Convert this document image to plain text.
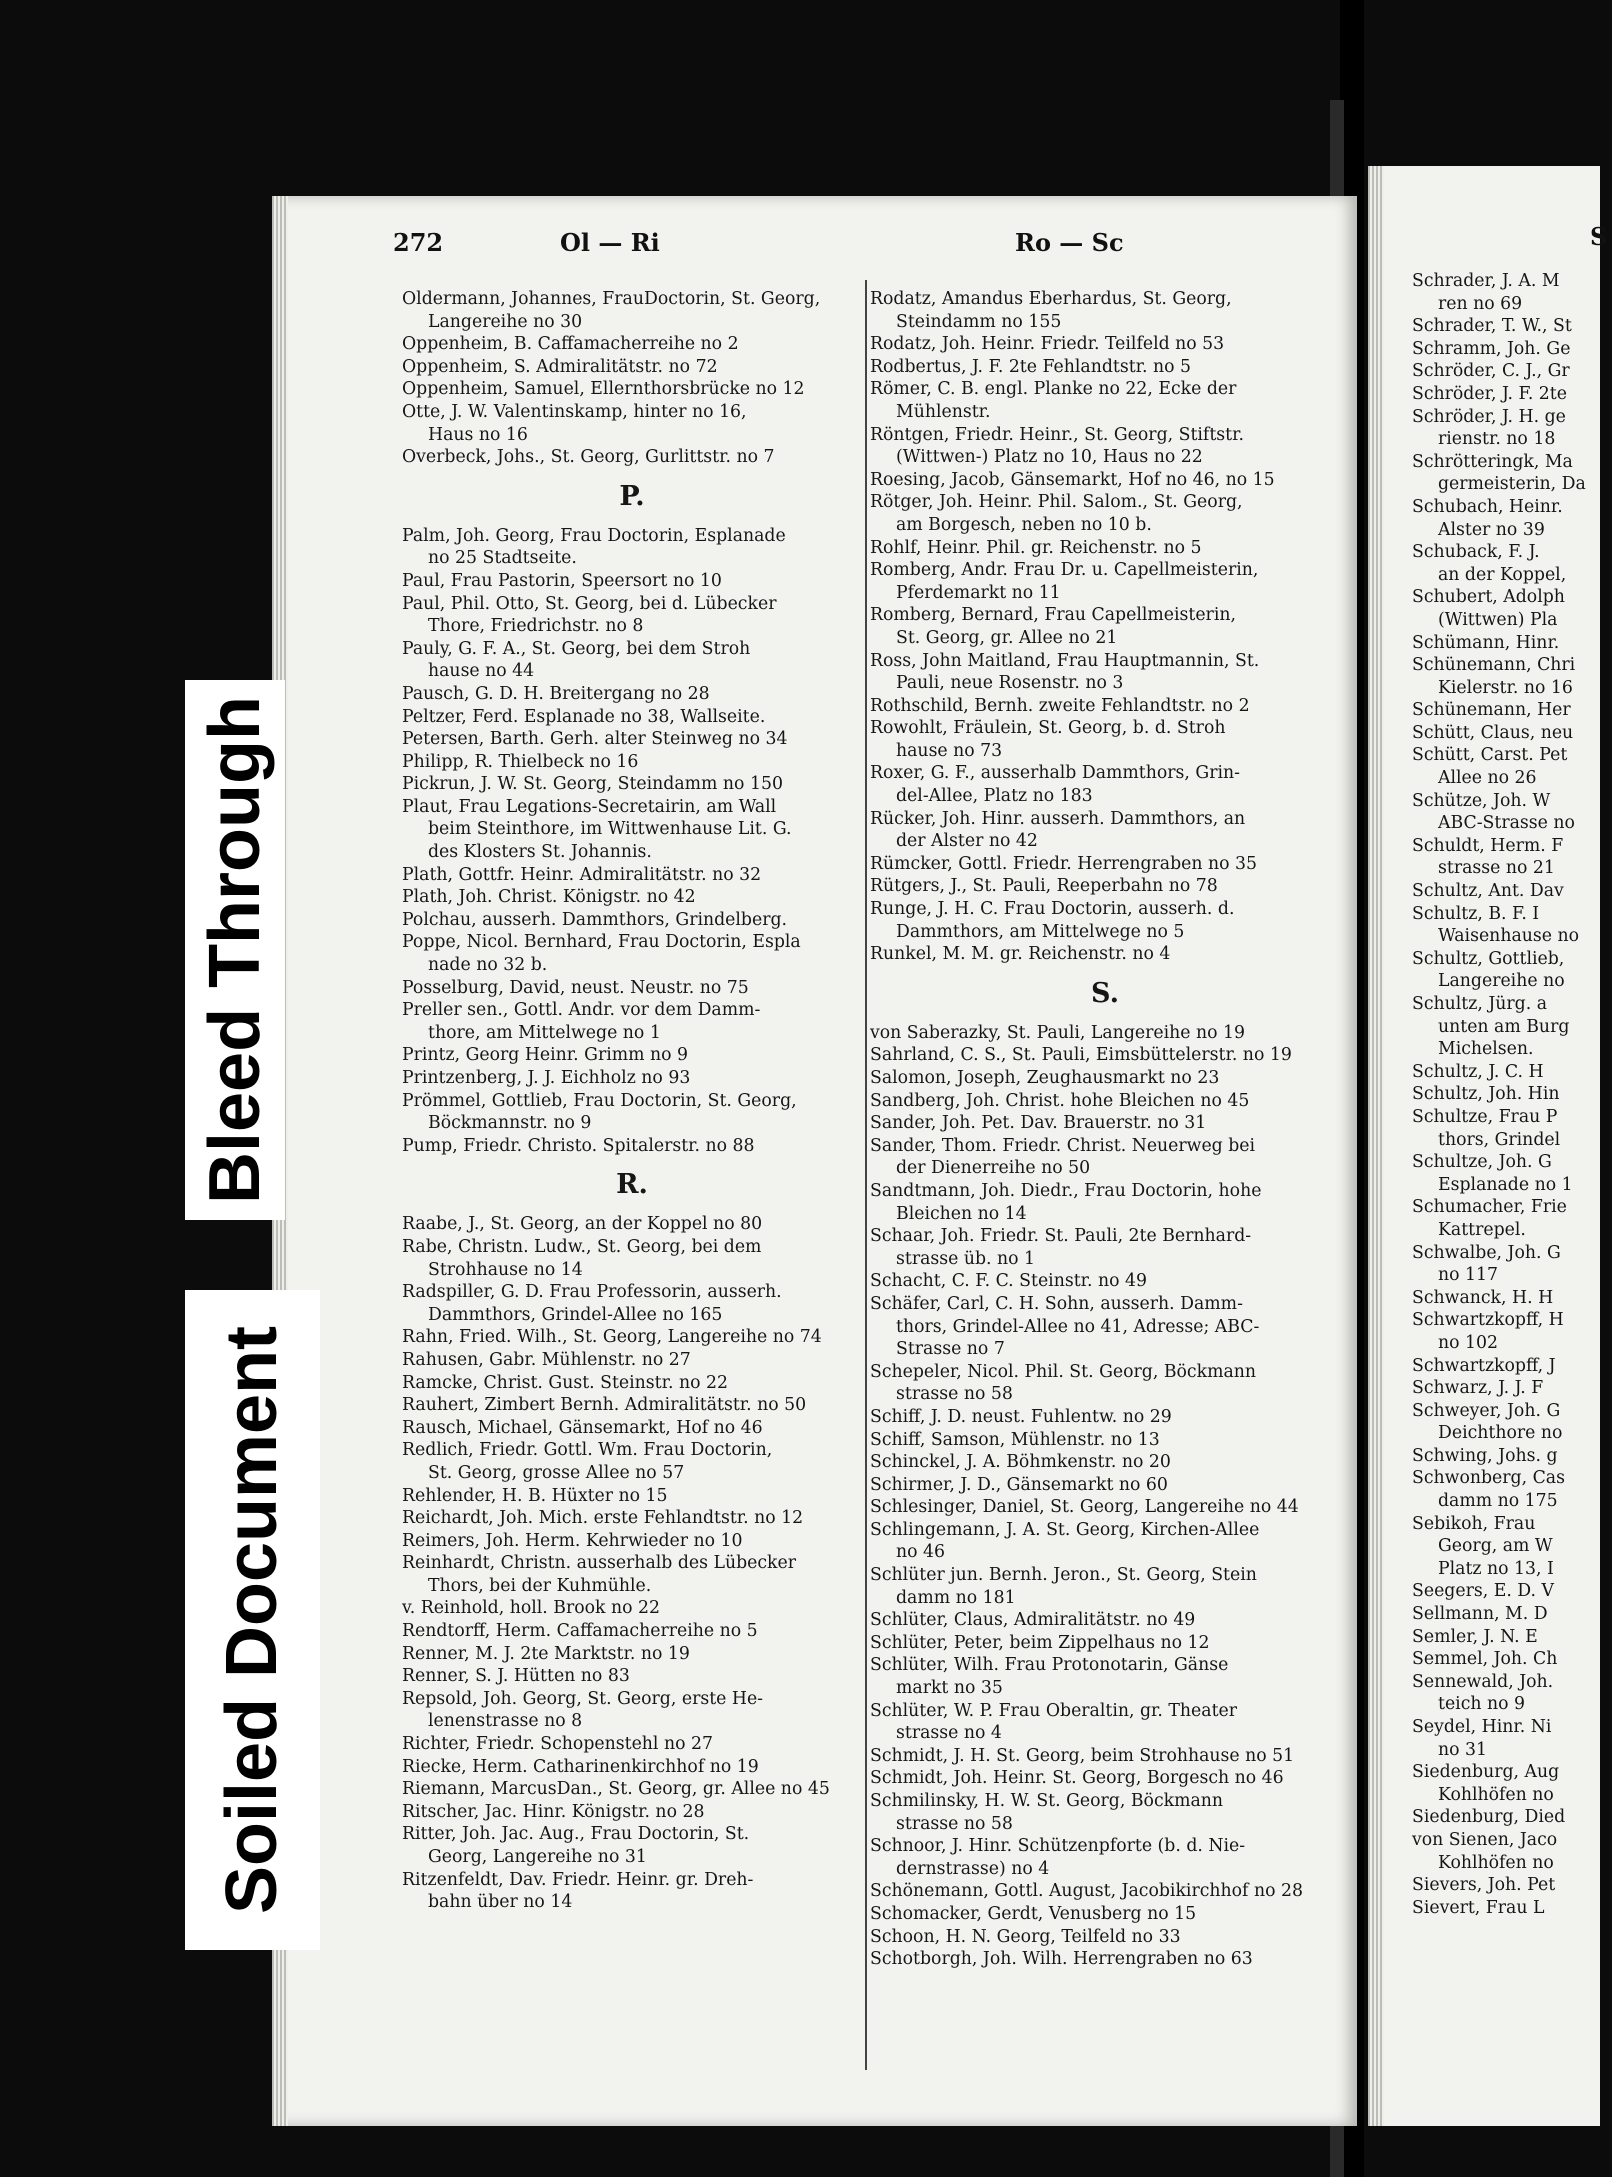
272	Ol — Ri	Ro — Sc	S
Oldermann, Johannes, FrauDoctorin, St. Georg,
Langereihe no 30
Oppenheim, B. Caffamacherreihe no 2
Oppenheim, S. Admiralitätstr. no 72
Oppenheim, Samuel, Ellernthorsbrücke no 12
Otte, J. W. Valentinskamp, hinter no 16,
Haus no 16
Overbeck, Johs., St. Georg, Gurlittstr. no 7
P.
Palm, Joh. Georg, Frau Doctorin, Esplanade
no 25 Stadtseite.
Paul, Frau Pastorin, Speersort no 10
Paul, Phil. Otto, St. Georg, bei d. Lübecker
Thore, Friedrichstr. no 8
Pauly, G. F. A., St. Georg, bei dem Stroh
hause no 44
Pausch, G. D. H. Breitergang no 28
Peltzer, Ferd. Esplanade no 38, Wallseite.
Petersen, Barth. Gerh. alter Steinweg no 34
Philipp, R. Thielbeck no 16
Pickrun, J. W. St. Georg, Steindamm no 150
Plaut, Frau Legations-Secretairin, am Wall
beim Steinthore, im Wittwenhause Lit. G.
des Klosters St. Johannis.
Plath, Gottfr. Heinr. Admiralitätstr. no 32
Plath, Joh. Christ. Königstr. no 42
Polchau, ausserh. Dammthors, Grindelberg.
Poppe, Nicol. Bernhard, Frau Doctorin, Espla
nade no 32 b.
Posselburg, David, neust. Neustr. no 75
Preller sen., Gottl. Andr. vor dem Damm-
thore, am Mittelwege no 1
Printz, Georg Heinr. Grimm no 9
Printzenberg, J. J. Eichholz no 93
Prömmel, Gottlieb, Frau Doctorin, St. Georg,
Böckmannstr. no 9
Pump, Friedr. Christo. Spitalerstr. no 88
R.
Raabe, J., St. Georg, an der Koppel no 80
Rabe, Christn. Ludw., St. Georg, bei dem
Strohhause no 14
Radspiller, G. D. Frau Professorin, ausserh.
Dammthors, Grindel-Allee no 165
Rahn, Fried. Wilh., St. Georg, Langereihe no 74
Rahusen, Gabr. Mühlenstr. no 27
Ramcke, Christ. Gust. Steinstr. no 22
Rauhert, Zimbert Bernh. Admiralitätstr. no 50
Rausch, Michael, Gänsemarkt, Hof no 46
Redlich, Friedr. Gottl. Wm. Frau Doctorin,
St. Georg, grosse Allee no 57
Rehlender, H. B. Hüxter no 15
Reichardt, Joh. Mich. erste Fehlandtstr. no 12
Reimers, Joh. Herm. Kehrwieder no 10
Reinhardt, Christn. ausserhalb des Lübecker
Thors, bei der Kuhmühle.
v. Reinhold, holl. Brook no 22
Rendtorff, Herm. Caffamacherreihe no 5
Renner, M. J. 2te Marktstr. no 19
Renner, S. J. Hütten no 83
Repsold, Joh. Georg, St. Georg, erste He-
lenenstrasse no 8
Richter, Friedr. Schopenstehl no 27
Riecke, Herm. Catharinenkirchhof no 19
Riemann, MarcusDan., St. Georg, gr. Allee no 45
Ritscher, Jac. Hinr. Königstr. no 28
Ritter, Joh. Jac. Aug., Frau Doctorin, St.
Georg, Langereihe no 31
Ritzenfeldt, Dav. Friedr. Heinr. gr. Dreh-
bahn über no 14
Rodatz, Amandus Eberhardus, St. Georg,
Steindamm no 155
Rodatz, Joh. Heinr. Friedr. Teilfeld no 53
Rodbertus, J. F. 2te Fehlandtstr. no 5
Römer, C. B. engl. Planke no 22, Ecke der
Mühlenstr.
Röntgen, Friedr. Heinr., St. Georg, Stiftstr.
(Wittwen-) Platz no 10, Haus no 22
Roesing, Jacob, Gänsemarkt, Hof no 46, no 15
Rötger, Joh. Heinr. Phil. Salom., St. Georg,
am Borgesch, neben no 10 b.
Rohlf, Heinr. Phil. gr. Reichenstr. no 5
Romberg, Andr. Frau Dr. u. Capellmeisterin,
Pferdemarkt no 11
Romberg, Bernard, Frau Capellmeisterin,
St. Georg, gr. Allee no 21
Ross, John Maitland, Frau Hauptmannin, St.
Pauli, neue Rosenstr. no 3
Rothschild, Bernh. zweite Fehlandtstr. no 2
Rowohlt, Fräulein, St. Georg, b. d. Stroh
hause no 73
Roxer, G. F., ausserhalb Dammthors, Grin-
del-Allee, Platz no 183
Rücker, Joh. Hinr. ausserh. Dammthors, an
der Alster no 42
Rümcker, Gottl. Friedr. Herrengraben no 35
Rütgers, J., St. Pauli, Reeperbahn no 78
Runge, J. H. C. Frau Doctorin, ausserh. d.
Dammthors, am Mittelwege no 5
Runkel, M. M. gr. Reichenstr. no 4
S.
von Saberazky, St. Pauli, Langereihe no 19
Sahrland, C. S., St. Pauli, Eimsbüttelerstr. no 19
Salomon, Joseph, Zeughausmarkt no 23
Sandberg, Joh. Christ. hohe Bleichen no 45
Sander, Joh. Pet. Dav. Brauerstr. no 31
Sander, Thom. Friedr. Christ. Neuerweg bei
der Dienerreihe no 50
Sandtmann, Joh. Diedr., Frau Doctorin, hohe
Bleichen no 14
Schaar, Joh. Friedr. St. Pauli, 2te Bernhard-
strasse üb. no 1
Schacht, C. F. C. Steinstr. no 49
Schäfer, Carl, C. H. Sohn, ausserh. Damm-
thors, Grindel-Allee no 41, Adresse; ABC-
Strasse no 7
Schepeler, Nicol. Phil. St. Georg, Böckmann
strasse no 58
Schiff, J. D. neust. Fuhlentw. no 29
Schiff, Samson, Mühlenstr. no 13
Schinckel, J. A. Böhmkenstr. no 20
Schirmer, J. D., Gänsemarkt no 60
Schlesinger, Daniel, St. Georg, Langereihe no 44
Schlingemann, J. A. St. Georg, Kirchen-Allee
no 46
Schlüter jun. Bernh. Jeron., St. Georg, Stein
damm no 181
Schlüter, Claus, Admiralitätstr. no 49
Schlüter, Peter, beim Zippelhaus no 12
Schlüter, Wilh. Frau Protonotarin, Gänse
markt no 35
Schlüter, W. P. Frau Oberaltin, gr. Theater
strasse no 4
Schmidt, J. H. St. Georg, beim Strohhause no 51
Schmidt, Joh. Heinr. St. Georg, Borgesch no 46
Schmilinsky, H. W. St. Georg, Böckmann
strasse no 58
Schnoor, J. Hinr. Schützenpforte (b. d. Nie-
dernstrasse) no 4
Schönemann, Gottl. August, Jacobikirchhof no 28
Schomacker, Gerdt, Venusberg no 15
Schoon, H. N. Georg, Teilfeld no 33
Schotborgh, Joh. Wilh. Herrengraben no 63
Schrader, J. A. M
ren no 69
Schrader, T. W., St
Schramm, Joh. Ge
Schröder, C. J., Gr
Schröder, J. F. 2te
Schröder, J. H. ge
rienstr. no 18
Schrötteringk, Ma
germeisterin, Da
Schubach, Heinr.
Alster no 39
Schuback, F. J.
an der Koppel,
Schubert, Adolph
(Wittwen) Pla
Schümann, Hinr.
Schünemann, Chri
Kielerstr. no 16
Schünemann, Her
Schütt, Claus, neu
Schütt, Carst. Pet
Allee no 26
Schütze, Joh. W
ABC-Strasse no
Schuldt, Herm. F
strasse no 21
Schultz, Ant. Dav
Schultz, B. F. I
Waisenhause no
Schultz, Gottlieb,
Langereihe no
Schultz, Jürg. a
unten am Burg
Michelsen.
Schultz, J. C. H
Schultz, Joh. Hin
Schultze, Frau P
thors, Grindel
Schultze, Joh. G
Esplanade no 1
Schumacher, Frie
Kattrepel.
Schwalbe, Joh. G
no 117
Schwanck, H. H
Schwartzkopff, H
no 102
Schwartzkopff, J
Schwarz, J. J. F
Schweyer, Joh. G
Deichthore no
Schwing, Johs. g
Schwonberg, Cas
damm no 175
Sebikoh, Frau
Georg, am W
Platz no 13, I
Seegers, E. D. V
Sellmann, M. D
Semler, J. N. E
Semmel, Joh. Ch
Sennewald, Joh.
teich no 9
Seydel, Hinr. Ni
no 31
Siedenburg, Aug
Kohlhöfen no
Siedenburg, Died
von Sienen, Jaco
Kohlhöfen no
Sievers, Joh. Pet
Sievert, Frau L
Soiled Document
Bleed Through
